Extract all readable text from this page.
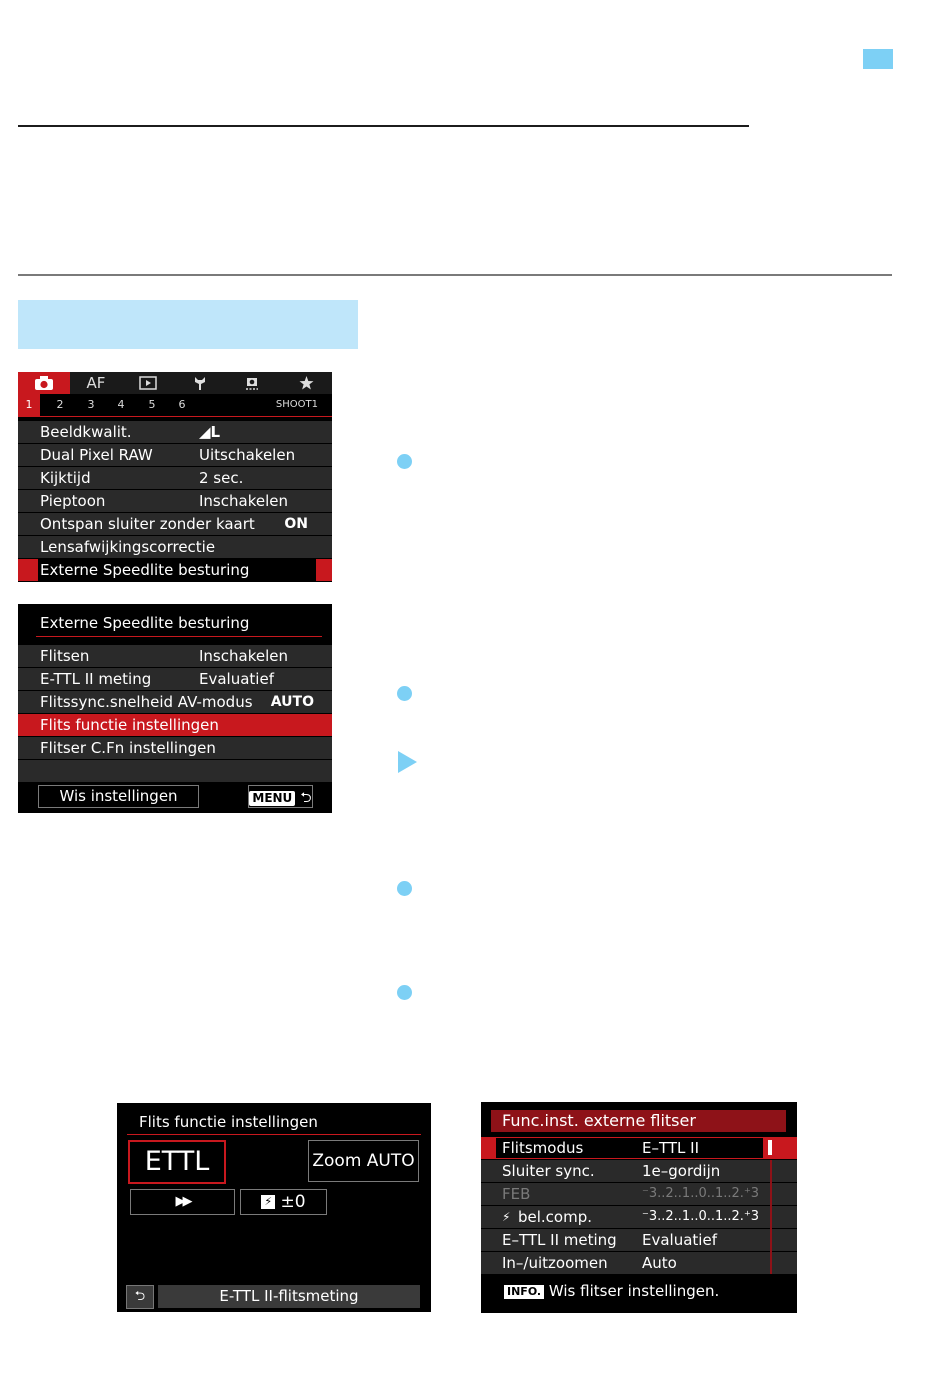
AF
1	2	3	4	5	6	SHOOT1
Beeldkwalit.	◢L
Dual Pixel RAW	Uitschakelen
Kijktijd	2 sec.
Pieptoon	Inschakelen
Ontspan sluiter zonder kaart ON
Lensafwijkingscorrectie
Externe Speedlite besturing
Externe Speedlite besturing
Flitsen	Inschakelen
E-TTL II meting	Evaluatief
Flitssync.snelheid AV-modus AUTO
Flits functie instellingen
Flitser C.Fn instellingen
Wis instellingen	MENU ⮌
Flits functie instellingen
ETTL	Zoom AUTO
▶▶	⚡ ±0
⮌	E-TTL II-flitsmeting
Func.inst. externe flitser
Flitsmodus	E–TTL II
Sluiter sync.	1e–gordijn
FEB	⁻3..2..1..0..1..2.⁺3
⚡ bel.comp.	⁻3..2..1..0..1..2.⁺3
E–TTL II meting Evaluatief
In–/uitzoomen Auto
INFO. Wis flitser instellingen.
